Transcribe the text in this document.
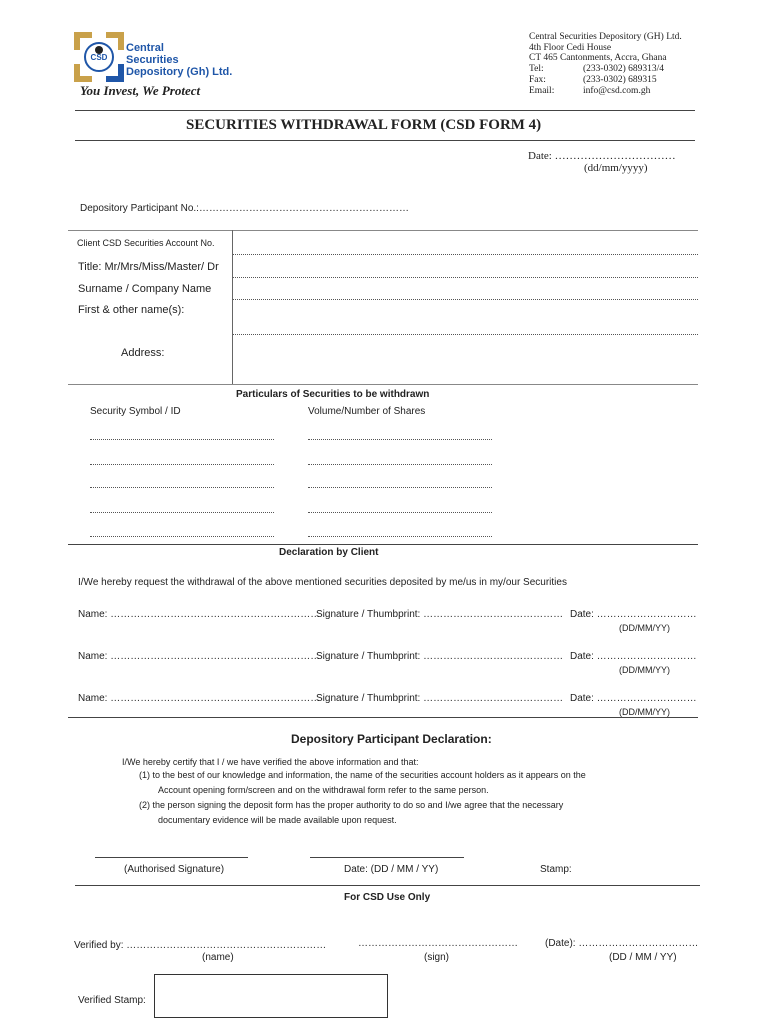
CSD
Central
Securities
Depository (Gh) Ltd.
You Invest, We Protect
Central Securities Depository (GH) Ltd.
4th Floor Cedi House
CT 465 Cantonments, Accra, Ghana
Tel:	(233-0302) 689313/4
Fax:	(233-0302) 689315
Email:	info@csd.com.gh
SECURITIES WITHDRAWAL FORM (CSD FORM 4)
Date: ……………………………
(dd/mm/yyyy)
Depository Participant No.:………………………………………………………
Client CSD Securities Account No.
Title: Mr/Mrs/Miss/Master/ Dr
Surname / Company Name
First & other name(s):
Address:
Particulars of Securities to be withdrawn
Security Symbol / ID	Volume/Number of Shares
Declaration by Client
I/We hereby request the withdrawal of the above mentioned securities deposited by me/us in my/our Securities
Name: ………………………………………………………
Signature / Thumbprint: …………………………………… Date: …………………………
(DD/MM/YY)
Name: ………………………………………………………
Signature / Thumbprint: …………………………………… Date: …………………………
(DD/MM/YY)
Name: ………………………………………………………
Signature / Thumbprint: …………………………………… Date: …………………………
(DD/MM/YY)
Depository Participant Declaration:
I/We hereby certify that I / we have verified the above information and that:
(1) to the best of our knowledge and information, the name of the securities account holders as it appears on the
Account opening form/screen and on the withdrawal form refer to the same person.
(2) the person signing the deposit form has the proper authority to do so and I/we agree that the necessary
documentary evidence will be made available upon request.
(Authorised Signature)	Date: (DD / MM / YY)	Stamp:
For CSD Use Only
Verified by: ……………………………………………………
(name)
…………………………………………
(sign)
(Date): ………………………………
(DD / MM / YY)
Verified Stamp:
